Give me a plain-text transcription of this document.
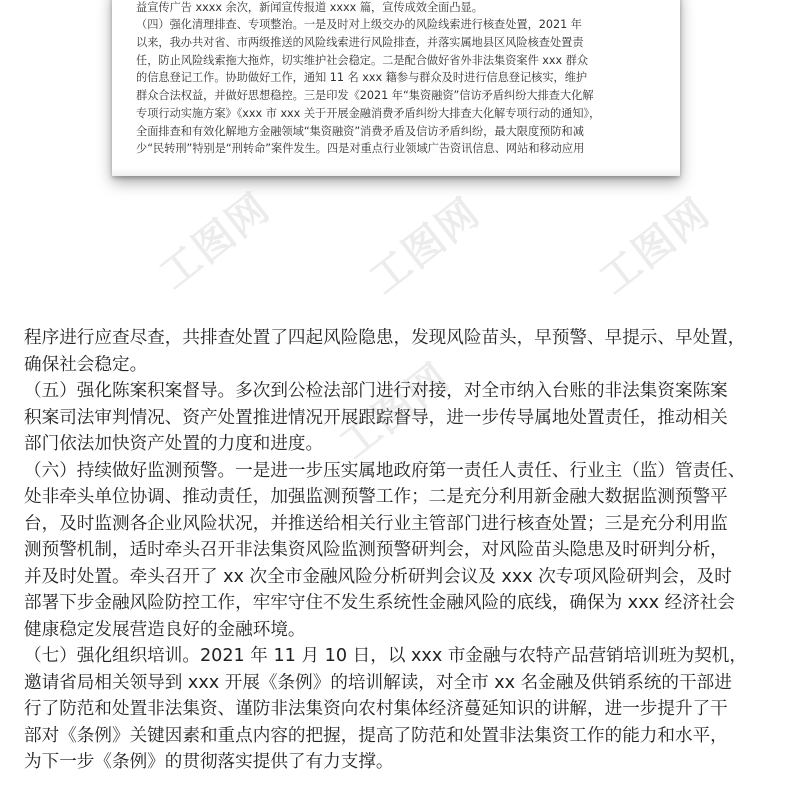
益宣传广告 xxxx 余次，新闻宣传报道 xxxx 篇，宣传成效全面凸显。
（四）强化清理排查、专项整治。一是及时对上级交办的风险线索进行核查处置，2021 年
以来，我办共对省、市两级推送的风险线索进行风险排查，并落实属地县区风险核查处置责
任，防止风险线索拖大拖炸，切实维护社会稳定。二是配合做好省外非法集资案件 xxx 群众
的信息登记工作。协助做好工作，通知 11 名 xxx 籍参与群众及时进行信息登记核实，维护
群众合法权益，并做好思想稳控。三是印发《2021 年“集资融资”信访矛盾纠纷大排查大化解
专项行动实施方案》《xxx 市 xxx 关于开展金融消费矛盾纠纷大排查大化解专项行动的通知》，
全面排查和有效化解地方金融领域“集资融资”消费矛盾及信访矛盾纠纷，最大限度预防和减
少“民转刑”特别是“刑转命”案件发生。四是对重点行业领域广告资讯信息、网站和移动应用
工图网 工图网	工图网
工图网
程序进行应查尽查，共排查处置了四起风险隐患，发现风险苗头，早预警、早提示、早处置，
确保社会稳定。
（五）强化陈案积案督导。多次到公检法部门进行对接，对全市纳入台账的非法集资案陈案
积案司法审判情况、资产处置推进情况开展跟踪督导，进一步传导属地处置责任，推动相关
部门依法加快资产处置的力度和进度。
（六）持续做好监测预警。一是进一步压实属地政府第一责任人责任、行业主（监）管责任、
处非牵头单位协调、推动责任，加强监测预警工作；二是充分利用新金融大数据监测预警平
台，及时监测各企业风险状况，并推送给相关行业主管部门进行核查处置；三是充分利用监
测预警机制，适时牵头召开非法集资风险监测预警研判会，对风险苗头隐患及时研判分析，
并及时处置。牵头召开了 xx 次全市金融风险分析研判会议及 xxx 次专项风险研判会，及时
部署下步金融风险防控工作，牢牢守住不发生系统性金融风险的底线，确保为 xxx 经济社会
健康稳定发展营造良好的金融环境。
（七）强化组织培训。2021 年 11 月 10 日，以 xxx 市金融与农特产品营销培训班为契机，
邀请省局相关领导到 xxx 开展《条例》的培训解读，对全市 xx 名金融及供销系统的干部进
行了防范和处置非法集资、谨防非法集资向农村集体经济蔓延知识的讲解，进一步提升了干
部对《条例》关键因素和重点内容的把握，提高了防范和处置非法集资工作的能力和水平，
为下一步《条例》的贯彻落实提供了有力支撑。
